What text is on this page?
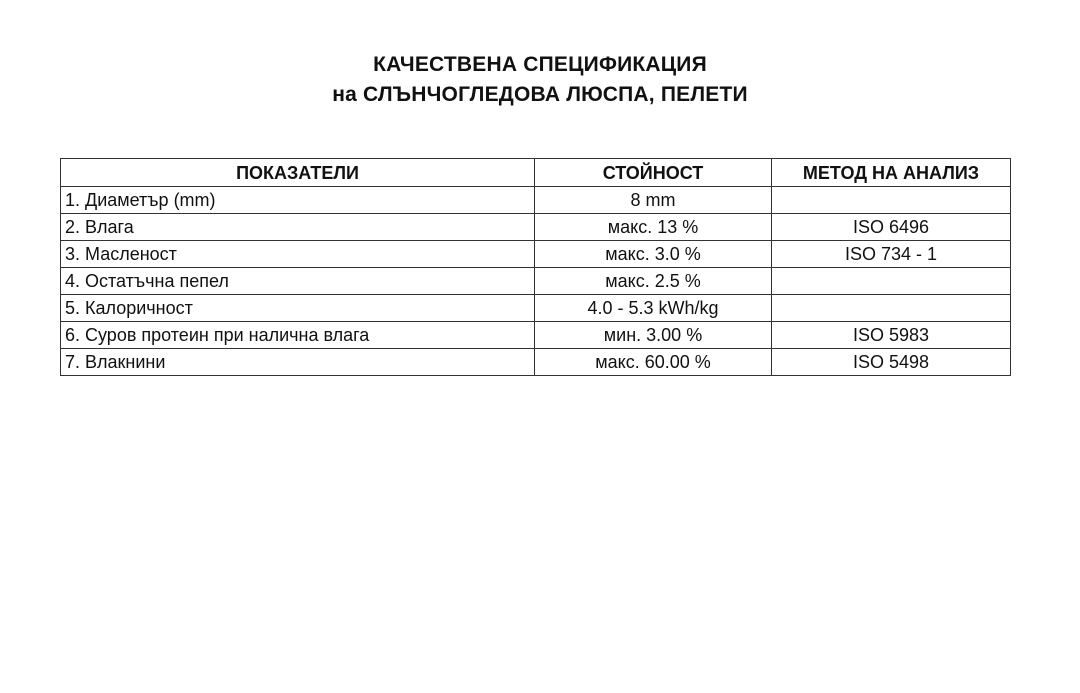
КАЧЕСТВЕНА СПЕЦИФИКАЦИЯ
на СЛЪНЧОГЛЕДОВА ЛЮСПА, ПЕЛЕТИ
ПОКАЗАТЕЛИ	СТОЙНОСТ	МЕТОД НА АНАЛИЗ
1. Диаметър (mm)	8 mm	
2. Влага	макс. 13 %	ISO 6496
3. Масленост	макс. 3.0 %	ISO 734 - 1
4. Остатъчна пепел	макс. 2.5 %	
5. Калоричност	4.0 - 5.3 kWh/kg	
6. Суров протеин при налична влага	мин. 3.00 %	ISO 5983
7. Влакнини	макс. 60.00 %	ISO 5498
